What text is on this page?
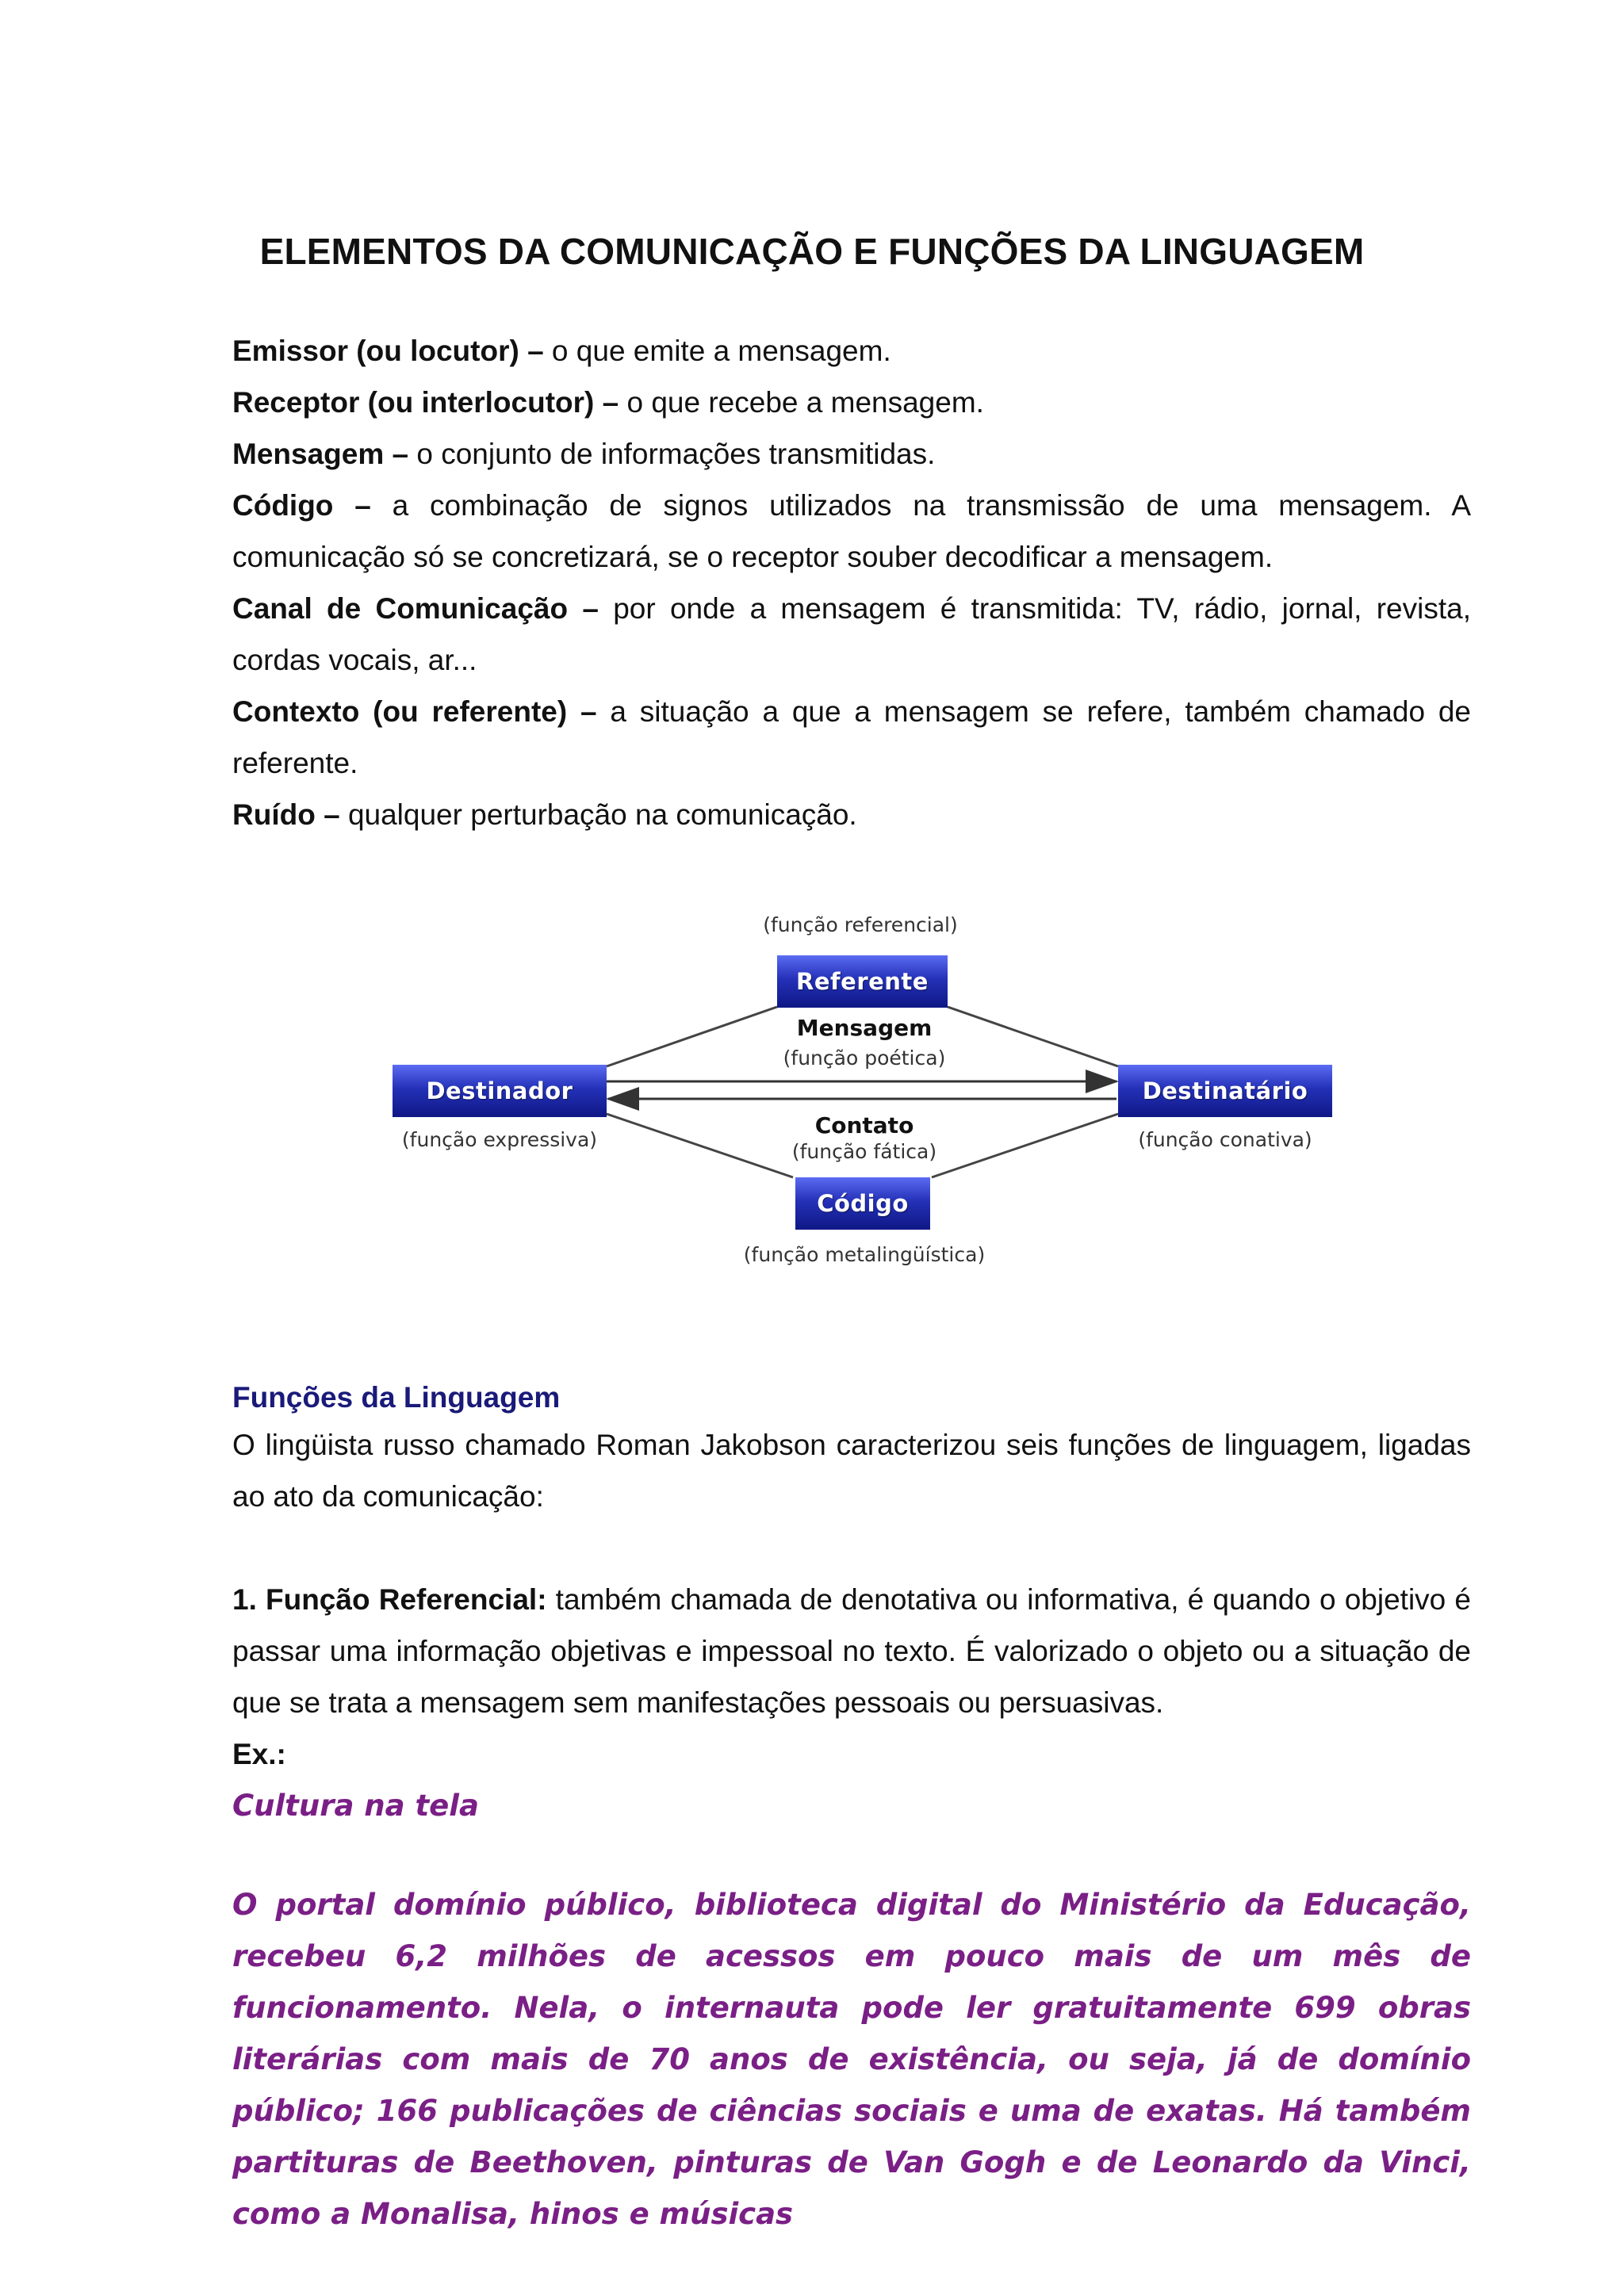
ELEMENTOS DA COMUNICAÇÃO E FUNÇÕES DA LINGUAGEM

Emissor (ou locutor) – o que emite a mensagem.

Receptor (ou interlocutor) – o que recebe a mensagem.

Mensagem – o conjunto de informações transmitidas.

Código – a combinação de signos utilizados na transmissão de uma mensagem. A comunicação só se concretizará, se o receptor souber decodificar a mensagem.

Canal de Comunicação – por onde a mensagem é transmitida: TV, rádio, jornal, revista, cordas vocais, ar...

Contexto (ou referente) – a situação a que a mensagem se refere, também chamado de referente.

Ruído – qualquer perturbação na comunicação.

(função referencial)
Referente
Mensagem
(função poética)
Destinador
(função expressiva)
Destinatário
(função conativa)
Contato
(função fática)
Código
(função metalingüística)
Funções da Linguagem

O lingüista russo chamado Roman Jakobson caracterizou seis funções de linguagem, ligadas ao ato da comunicação:

1. Função Referencial: também chamada de denotativa ou informativa, é quando o objetivo é passar uma informação objetivas e impessoal no texto. É valorizado o objeto ou a situação de que se trata a mensagem sem manifestações pessoais ou persuasivas.

Ex.:

Cultura na tela

O portal domínio público, biblioteca digital do Ministério da Educação, recebeu 6,2 milhões de acessos em pouco mais de um mês de funcionamento. Nela, o internauta pode ler gratuitamente 699 obras literárias com mais de 70 anos de existência, ou seja, já de domínio público; 166 publicações de ciências sociais e uma de exatas. Há também partituras de Beethoven, pinturas de Van Gogh e de Leonardo da Vinci, como a Monalisa, hinos e músicas
